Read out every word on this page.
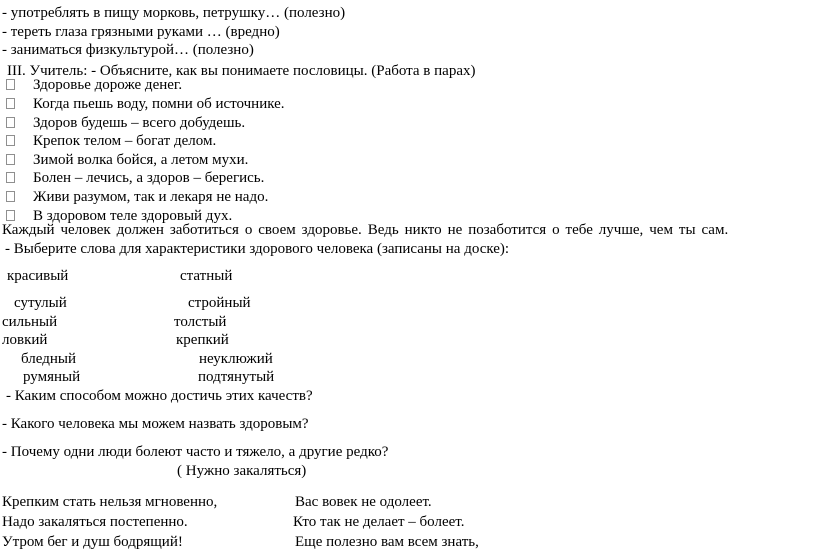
- употреблять в пищу морковь, петрушку… (полезно)
- тереть глаза грязными руками … (вредно)
- заниматься физкультурой… (полезно)
III. Учитель: - Объясните, как вы понимаете пословицы. (Работа в парах)
Здоровье дороже денег.
Когда пьешь воду, помни об источнике.
Здоров будешь – всего добудешь.
Крепок телом – богат делом.
Зимой волка бойся, а летом мухи.
Болен – лечись, а здоров – берегись.
Живи разумом, так и лекаря не надо.
В здоровом теле здоровый дух.
Каждый человек должен заботиться о своем здоровье. Ведь никто не позаботится о тебе лучше, чем ты сам.
- Выберите слова для характеристики здорового человека (записаны на доске):
красивый	статный
сутулый	стройный
сильный	толстый
ловкий	крепкий
бледный	неуклюжий
румяный	подтянутый
- Каким способом можно достичь этих качеств?
- Какого человека мы можем назвать здоровым?
- Почему одни люди болеют часто и тяжело, а другие редко?
( Нужно закаляться)
Крепким стать нельзя мгновенно,	Вас вовек не одолеет.
Надо закаляться постепенно.	Кто так не делает – болеет.
Утром бег и душ бодрящий!	Еще полезно вам всем знать,
